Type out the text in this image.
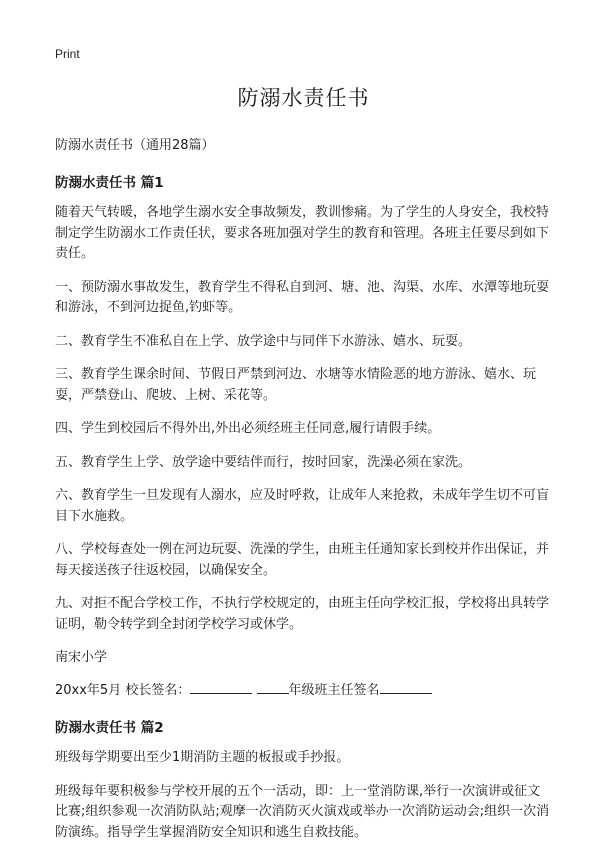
Print
防溺水责任书
防溺水责任书（通用28篇）
防溺水责任书 篇1

随着天气转暖，各地学生溺水安全事故频发，教训惨痛。为了学生的人身安全，我校特制定学生防溺水工作责任状，要求各班加强对学生的教育和管理。各班主任要尽到如下责任。

一、预防溺水事故发生，教育学生不得私自到河、塘、池、沟渠、水库、水潭等地玩耍和游泳，不到河边捉鱼,钓虾等。

二、教育学生不准私自在上学、放学途中与同伴下水游泳、嬉水、玩耍。

三、教育学生课余时间、节假日严禁到河边、水塘等水情险恶的地方游泳、嬉水、玩耍，严禁登山、爬坡、上树、采花等。

四、学生到校园后不得外出,外出必须经班主任同意,履行请假手续。

五、教育学生上学、放学途中要结伴而行，按时回家，洗澡必须在家洗。

六、教育学生一旦发现有人溺水，应及时呼救，让成年人来抢救，未成年学生切不可盲目下水施救。

八、学校每查处一例在河边玩耍、洗澡的学生，由班主任通知家长到校并作出保证，并每天接送孩子往返校园，以确保安全。

九、对拒不配合学校工作，不执行学校规定的，由班主任向学校汇报，学校将出具转学证明，勒令转学到全封闭学校学习或休学。

南宋小学
20xx年5月 校长签名：	年级班主任签名
防溺水责任书 篇2

班级每学期要出至少1期消防主题的板报或手抄报。

班级每年要积极参与学校开展的五个一活动，即：上一堂消防课,举行一次演讲或征文比赛;组织参观一次消防队站;观摩一次消防灭火演戏或举办一次消防运动会;组织一次消防演练。指导学生掌握消防安全知识和逃生自救技能。
